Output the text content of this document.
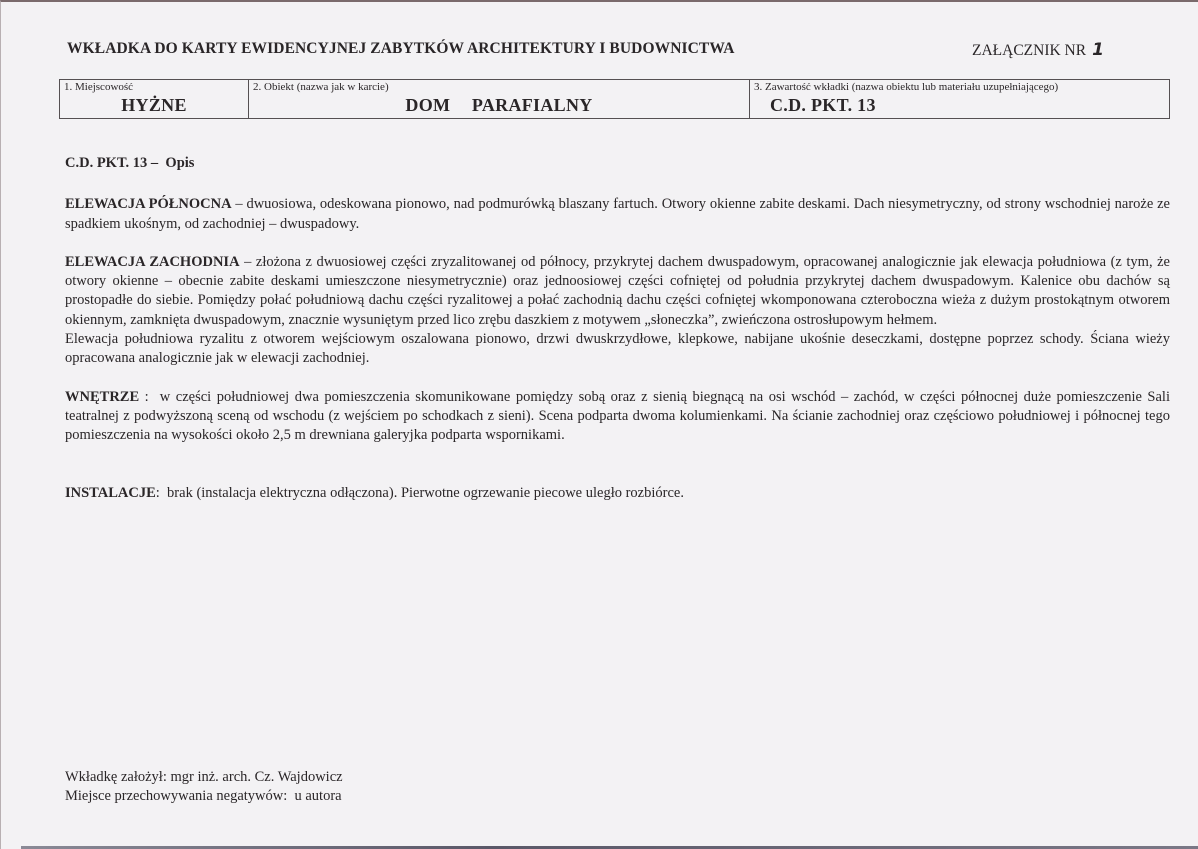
WKŁADKA DO KARTY EWIDENCYJNEJ ZABYTKÓW ARCHITEKTURY I BUDOWNICTWA	ZAŁĄCZNIK NR 1
1. Miejscowość
HYŻNE
2. Obiekt (nazwa jak w karcie)
DOM  PARAFIALNY
3. Zawartość wkładki (nazwa obiektu lub materiału uzupełniającego)
C.D. PKT. 13

C.D. PKT. 13 –  Opis

ELEWACJA PÓŁNOCNA – dwuosiowa, odeskowana pionowo, nad podmurówką blaszany fartuch. Otwory okienne zabite deskami. Dach niesymetryczny, od strony wschodniej naroże ze spadkiem ukośnym, od zachodniej – dwuspadowy.

ELEWACJA ZACHODNIA – złożona z dwuosiowej części zryzalitowanej od północy, przykrytej dachem dwuspadowym, opracowanej analogicznie jak elewacja południowa (z tym, że otwory okienne – obecnie zabite deskami umieszczone niesymetrycznie) oraz jednoosiowej części cofniętej od południa przykrytej dachem dwuspadowym. Kalenice obu dachów są prostopadłe do siebie. Pomiędzy połać południową dachu części ryzalitowej a połać zachodnią dachu części cofniętej wkomponowana czteroboczna wieża z dużym prostokątnym otworem okiennym, zamknięta dwuspadowym, znacznie wysuniętym przed lico zrębu daszkiem z motywem „słoneczka”, zwieńczona ostrosłupowym hełmem.

Elewacja południowa ryzalitu z otworem wejściowym oszalowana pionowo, drzwi dwuskrzydłowe, klepkowe, nabijane ukośnie deseczkami, dostępne poprzez schody. Ściana wieży opracowana analogicznie jak w elewacji zachodniej.

WNĘTRZE :  w części południowej dwa pomieszczenia skomunikowane pomiędzy sobą oraz z sienią biegnącą na osi wschód – zachód, w części północnej duże pomieszczenie Sali teatralnej z podwyższoną sceną od wschodu (z wejściem po schodkach z sieni). Scena podparta dwoma kolumienkami. Na ścianie zachodniej oraz częściowo południowej i północnej tego pomieszczenia na wysokości około 2,5 m drewniana galeryjka podparta wspornikami.

INSTALACJE:  brak (instalacja elektryczna odłączona). Pierwotne ogrzewanie piecowe uległo rozbiórce.

Wkładkę założył: mgr inż. arch. Cz. Wajdowicz
Miejsce przechowywania negatywów:  u autora
